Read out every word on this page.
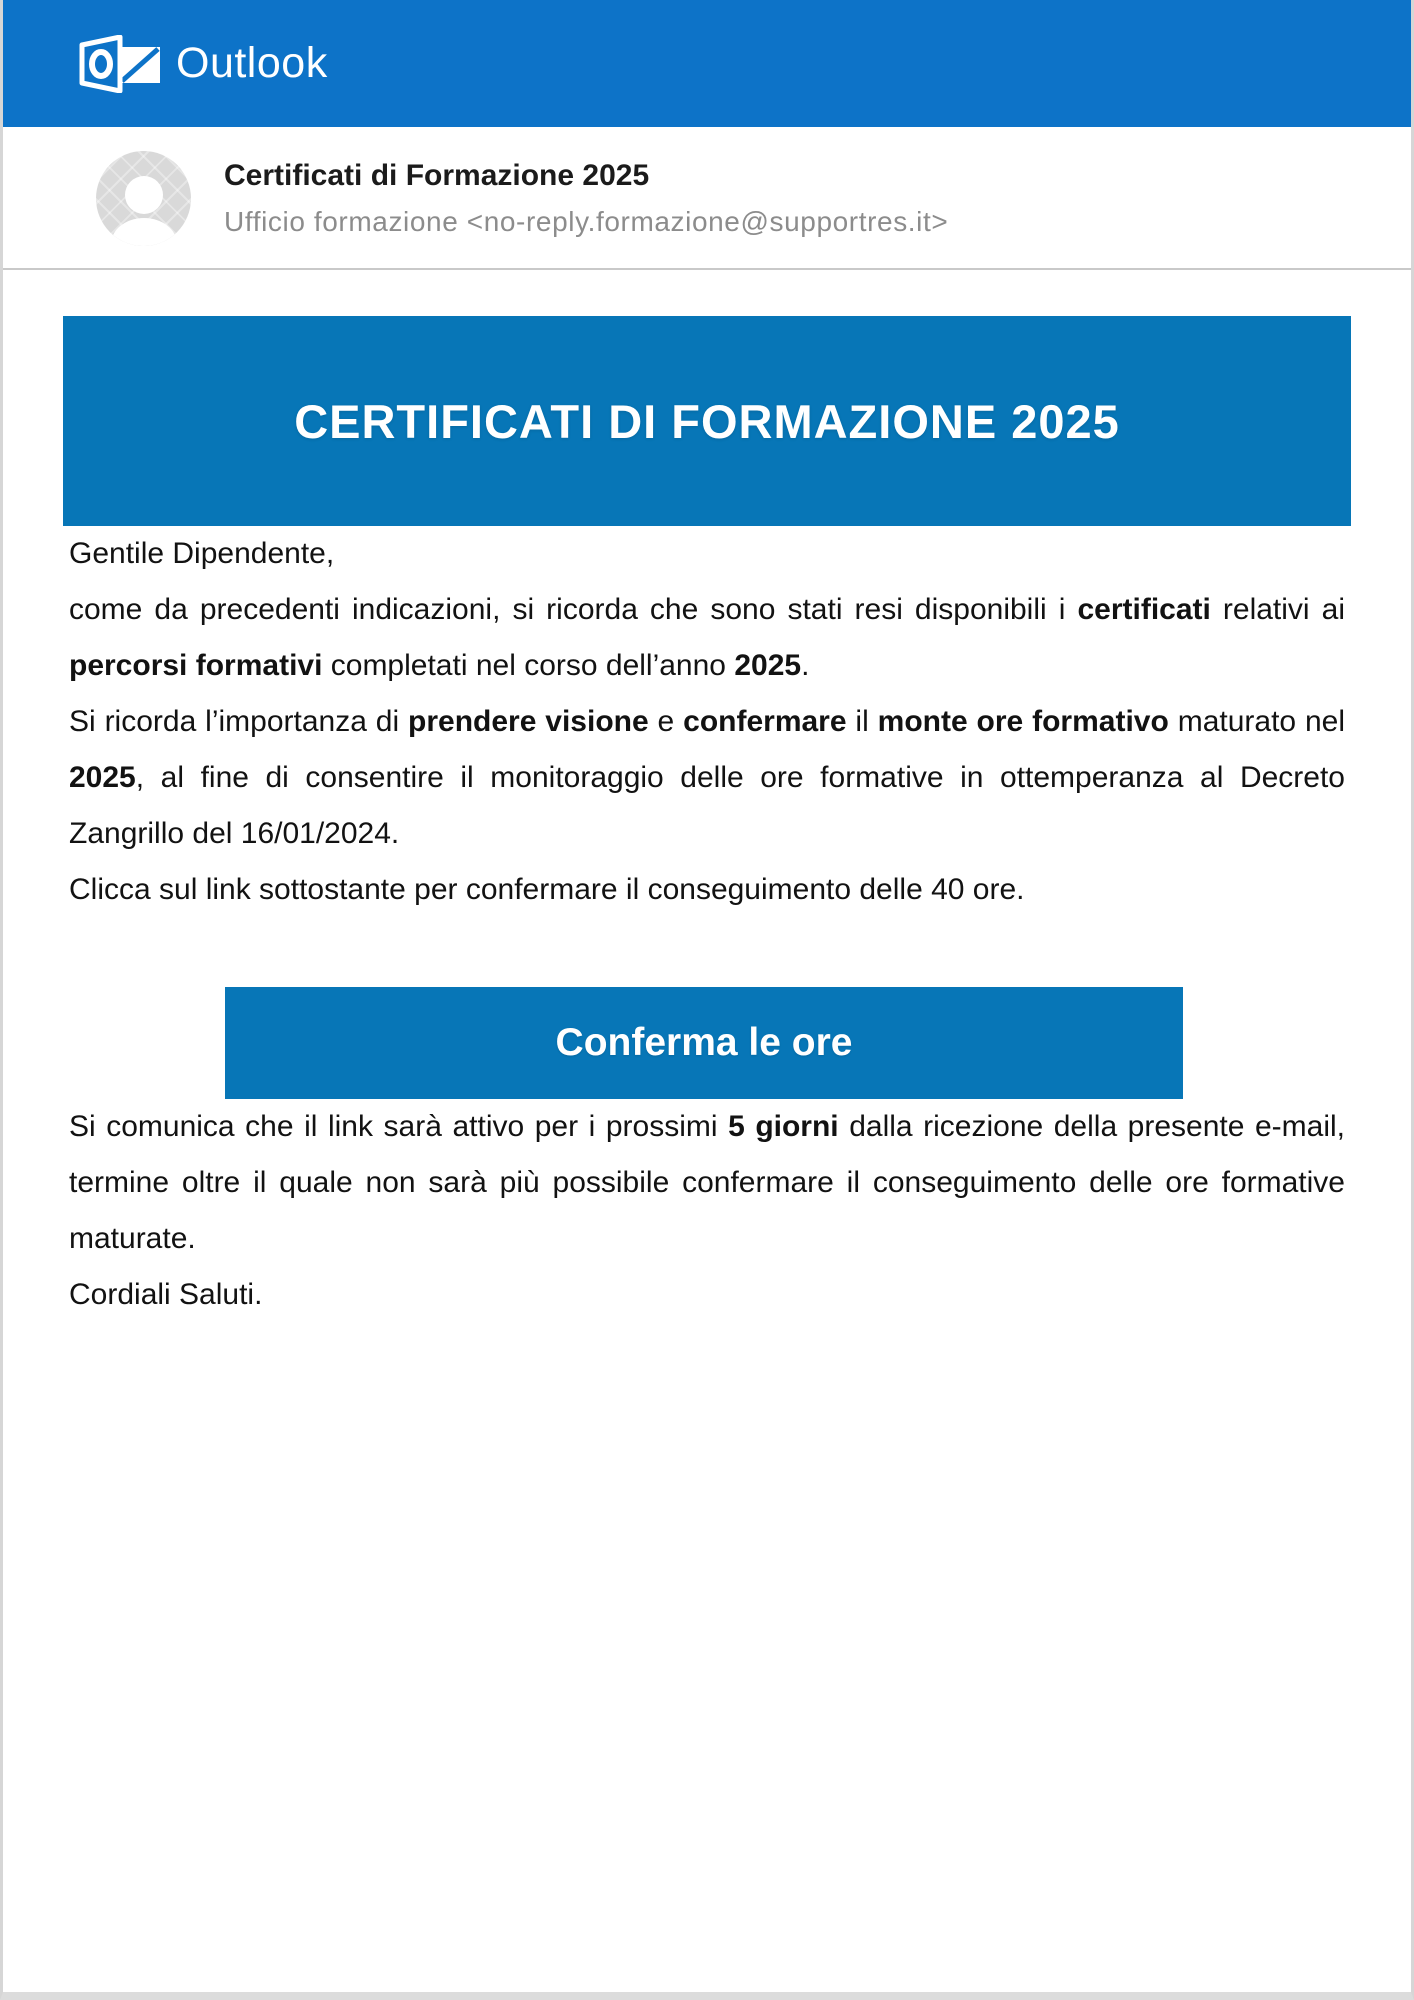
Outlook
Certificati di Formazione 2025
Ufficio formazione <no-reply.formazione@supportres.it>
CERTIFICATI DI FORMAZIONE 2025

Gentile Dipendente,

come da precedenti indicazioni, si ricorda che sono stati resi disponibili i certificati relativi ai percorsi formativi completati nel corso dell’anno 2025.

Si ricorda l’importanza di prendere visione e confermare il monte ore formativo maturato nel 2025, al fine di consentire il monitoraggio delle ore formative in ottemperanza al Decreto Zangrillo del 16/01/2024.

Clicca sul link sottostante per confermare il conseguimento delle 40 ore.

Conferma le ore

Si comunica che il link sarà attivo per i prossimi 5 giorni dalla ricezione della presente e-mail, termine oltre il quale non sarà più possibile confermare il conseguimento delle ore formative maturate.

Cordiali Saluti.
